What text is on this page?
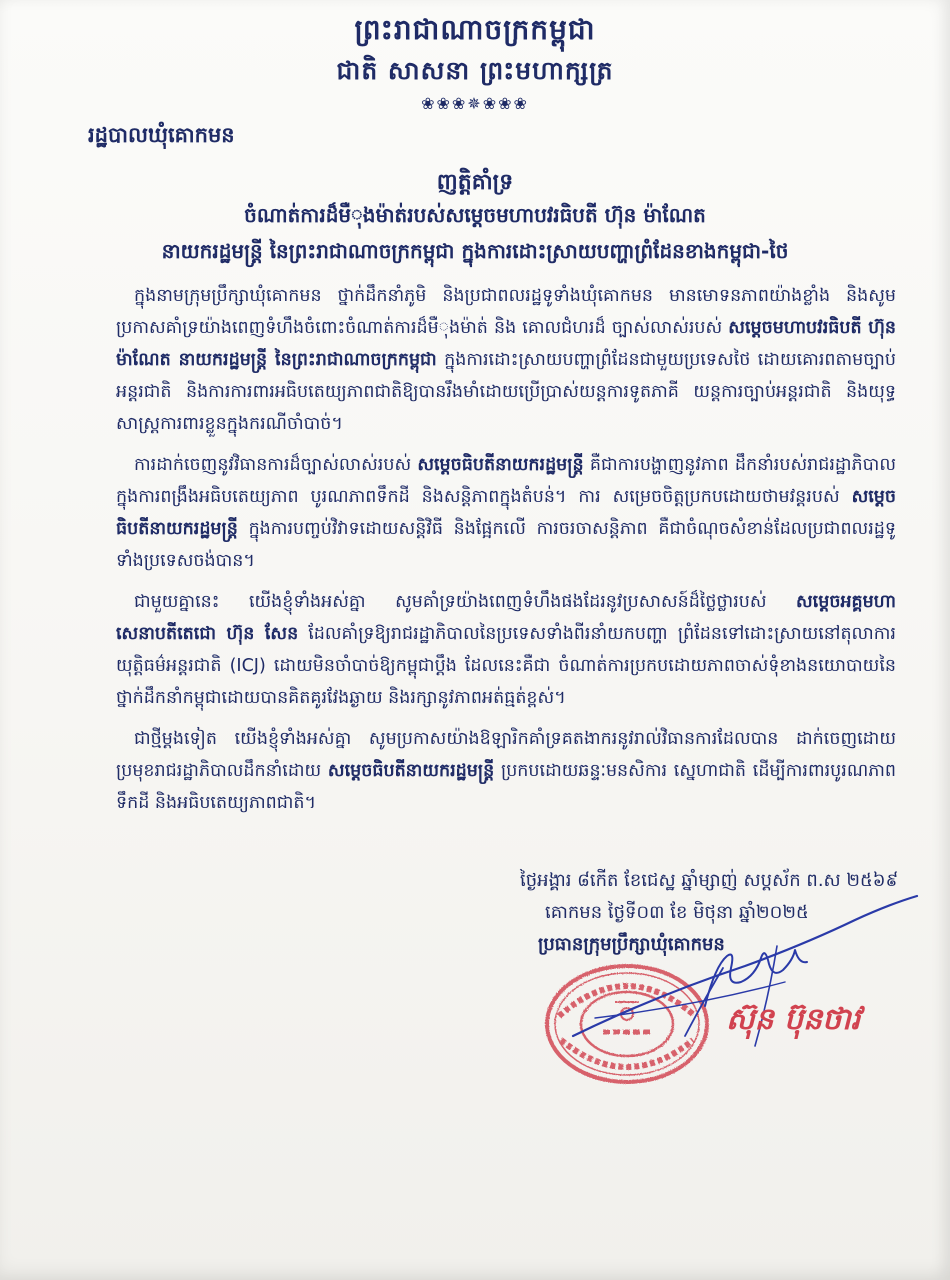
ព្រះរាជាណាចក្រកម្ពុជា
ជាតិ សាសនា ព្រះមហាក្សត្រ
❀❀❀✵❀❀❀
រដ្ឋបាលឃុំគោកមន
ញត្តិគាំទ្រ
ចំណាត់ការដ៏មឺុងម៉ាត់របស់សម្ដេចមហាបវរធិបតី ហ៊ុន ម៉ាណែត
នាយករដ្ឋមន្ត្រី នៃព្រះរាជាណាចក្រកម្ពុជា ក្នុងការដោះស្រាយបញ្ហាព្រំដែនខាងកម្ពុជា-ថៃ

ក្នុងនាមក្រុមប្រឹក្សាឃុំគោកមន ថ្នាក់ដឹកនាំភូមិ និងប្រជាពលរដ្ឋទូទាំងឃុំគោកមន មានមោទនភាពយ៉ាងខ្លាំង និងសូមប្រកាសគាំទ្រយ៉ាងពេញទំហឹងចំពោះចំណាត់ការដ៏មឺុងម៉ាត់ និង គោលជំហរដ៏ ច្បាស់លាស់របស់ សម្ដេចមហាបវរធិបតី ហ៊ុន ម៉ាណែត នាយករដ្ឋមន្ត្រី នៃព្រះរាជាណាចក្រកម្ពុជា ក្នុងការដោះស្រាយបញ្ហាព្រំដែនជាមួយប្រទេសថៃ ដោយគោរពតាមច្បាប់អន្តរជាតិ និងការការពារអធិបតេយ្យភាពជាតិឱ្យបានរឹងមាំដោយប្រើប្រាស់យន្តការទូតភាគី យន្តការច្បាប់អន្តរជាតិ និងយុទ្ធសាស្ត្រការពារខ្លួនក្នុងករណីចាំបាច់។

ការដាក់ចេញនូវវិធានការដ៏ច្បាស់លាស់របស់ សម្ដេចធិបតីនាយករដ្ឋមន្ត្រី គឺជាការបង្ហាញនូវភាព ដឹកនាំរបស់រាជរដ្ឋាភិបាល ក្នុងការពង្រឹងអធិបតេយ្យភាព បូរណភាពទឹកដី និងសន្តិភាពក្នុងតំបន់។ ការ សម្រេចចិត្តប្រកបដោយថាមវន្តរបស់ សម្ដេចធិបតីនាយករដ្ឋមន្ត្រី ក្នុងការបញ្ចប់វិវាទដោយសន្តិវិធី និងផ្អែកលើ ការចរចាសន្តិភាព គឺជាចំណុចសំខាន់ដែលប្រជាពលរដ្ឋទូទាំងប្រទេសចង់បាន។

ជាមួយគ្នានេះ យើងខ្ញុំទាំងអស់គ្នា សូមគាំទ្រយ៉ាងពេញទំហឹងផងដែរនូវប្រសាសន៍ដ៏ថ្លៃថ្លារបស់ សម្ដេចអគ្គមហាសេនាបតីតេជោ ហ៊ុន សែន ដែលគាំទ្រឱ្យរាជរដ្ឋាភិបាលនៃប្រទេសទាំងពីរនាំយកបញ្ហា ព្រំដែនទៅដោះស្រាយនៅតុលាការយុត្តិធម៌អន្តរជាតិ (ICJ) ដោយមិនចាំបាច់ឱ្យកម្ពុជាប្ដឹង ដែលនេះគឺជា ចំណាត់ការប្រកបដោយភាពចាស់ទុំខាងនយោបាយនៃថ្នាក់ដឹកនាំកម្ពុជាដោយបានគិតគូរវែងឆ្ងាយ និងរក្សានូវភាពអត់ធ្មត់ខ្ពស់។

ជាថ្មីម្ដងទៀត យើងខ្ញុំទាំងអស់គ្នា សូមប្រកាសយ៉ាងឱឡារិកគាំទ្រគតងាករនូវរាល់វិធានការដែលបាន ដាក់ចេញដោយប្រមុខរាជរដ្ឋាភិបាលដឹកនាំដោយ សម្ដេចធិបតីនាយករដ្ឋមន្ត្រី ប្រកបដោយឆន្ទៈមនសិការ ស្នេហាជាតិ ដើម្បីការពារបូរណភាពទឹកដី និងអធិបតេយ្យភាពជាតិ។

ថ្ងៃអង្គារ ៨កើត ខែជេស្ឋ ឆ្នាំម្សាញ់ សប្តស័ក ព.ស ២៥៦៩
គោកមន ថ្ងៃទី០៣ ខែ មិថុនា ឆ្នាំ២០២៥
ប្រធានក្រុមប្រឹក្សាឃុំគោកមន
ស៊ុន ប៊ុនថាវ
